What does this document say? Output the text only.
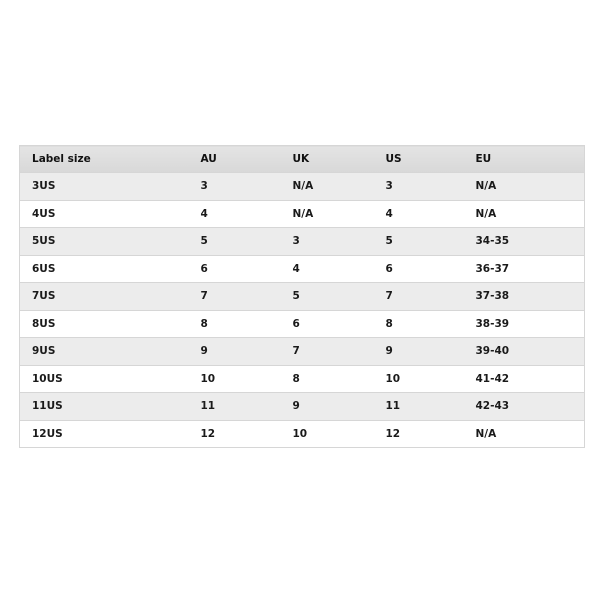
Label size	AU	UK	US	EU
3US	3	N/A	3	N/A
4US	4	N/A	4	N/A
5US	5	3	5	34-35
6US	6	4	6	36-37
7US	7	5	7	37-38
8US	8	6	8	38-39
9US	9	7	9	39-40
10US	10	8	10	41-42
11US	11	9	11	42-43
12US	12	10	12	N/A
